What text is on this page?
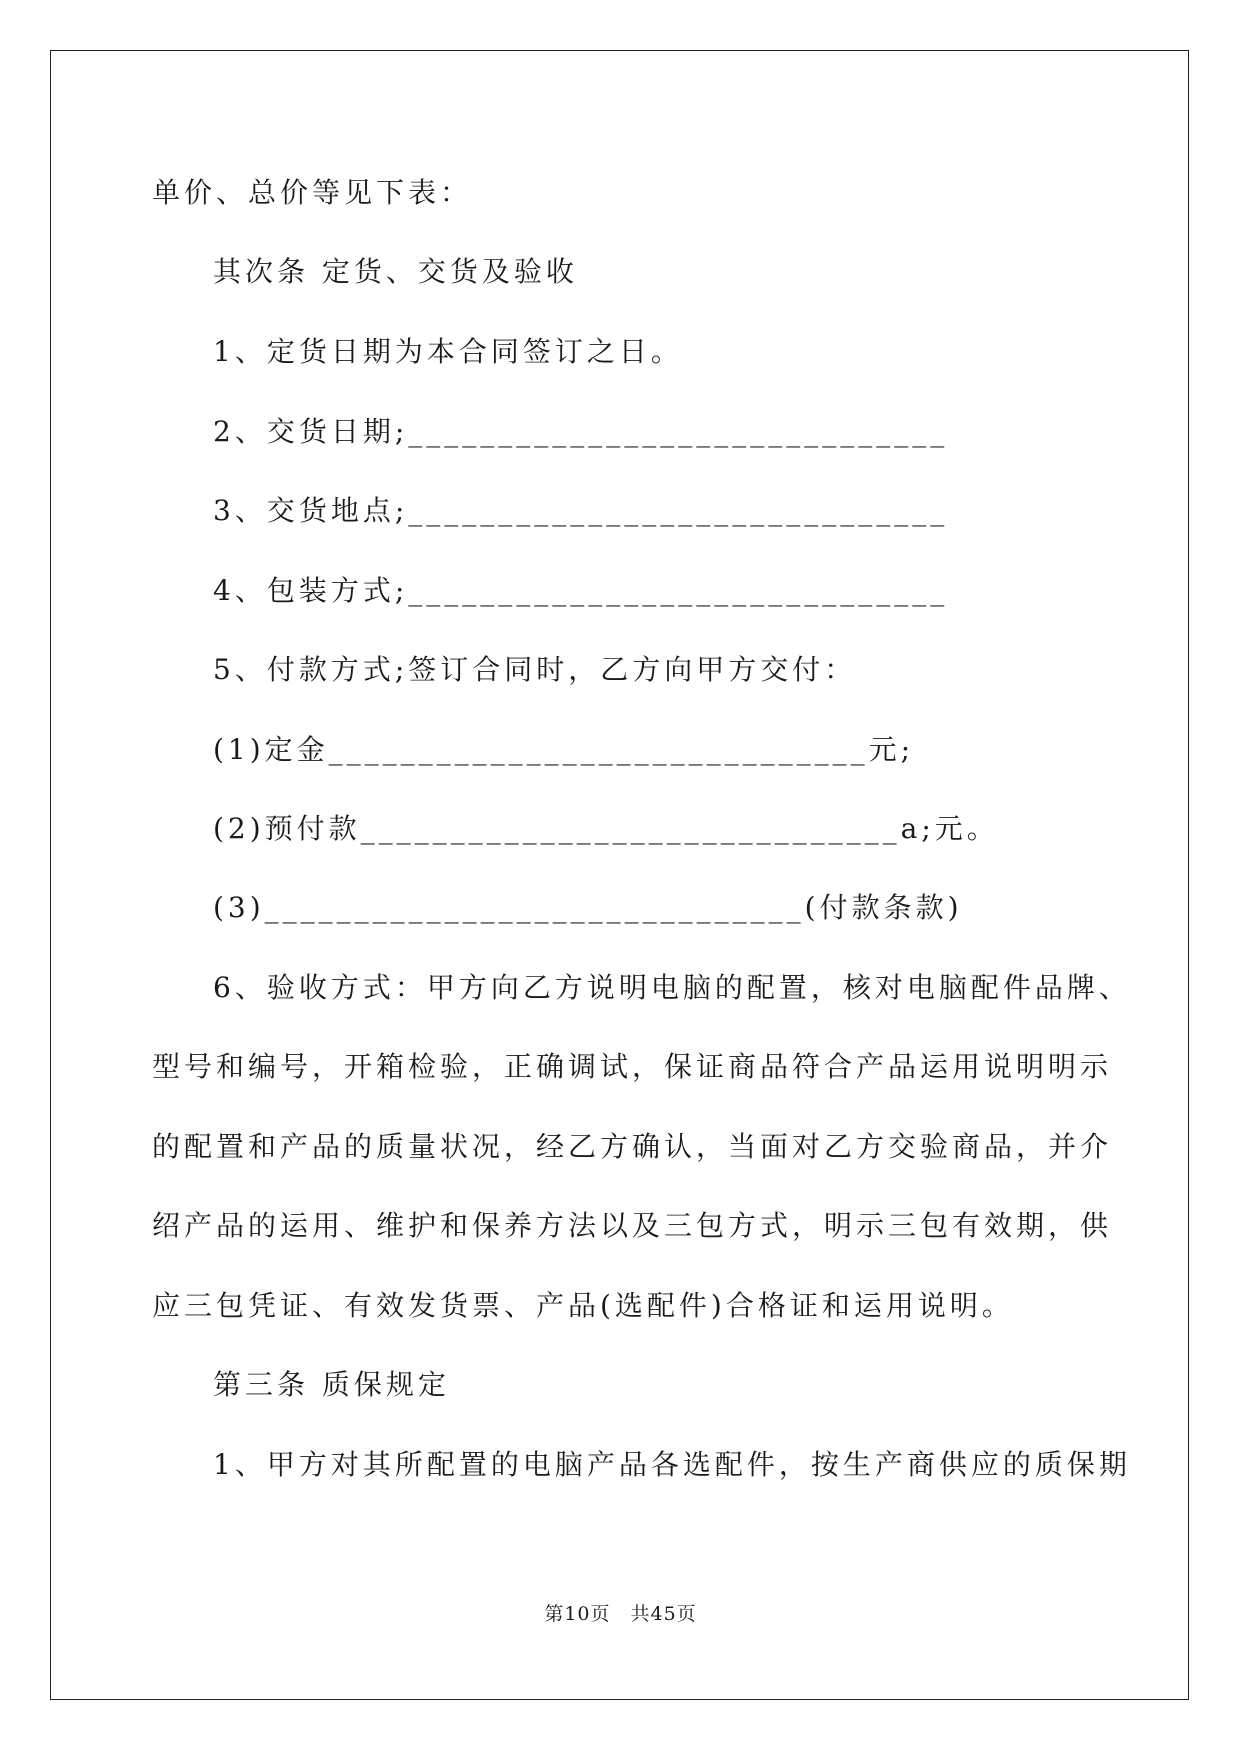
单价、总价等见下表：

其次条 定货、交货及验收

1、定货日期为本合同签订之日。

2、交货日期;______________________________

3、交货地点;______________________________

4、包装方式;______________________________

5、付款方式;签订合同时，乙方向甲方交付：

(1)定金______________________________元;

(2)预付款______________________________a;元。

(3)______________________________(付款条款)

6、验收方式：甲方向乙方说明电脑的配置，核对电脑配件品牌、

型号和编号，开箱检验，正确调试，保证商品符合产品运用说明明示

的配置和产品的质量状况，经乙方确认，当面对乙方交验商品，并介

绍产品的运用、维护和保养方法以及三包方式，明示三包有效期，供

应三包凭证、有效发货票、产品(选配件)合格证和运用说明。

第三条 质保规定

1、甲方对其所配置的电脑产品各选配件，按生产商供应的质保期

第10页　共45页
